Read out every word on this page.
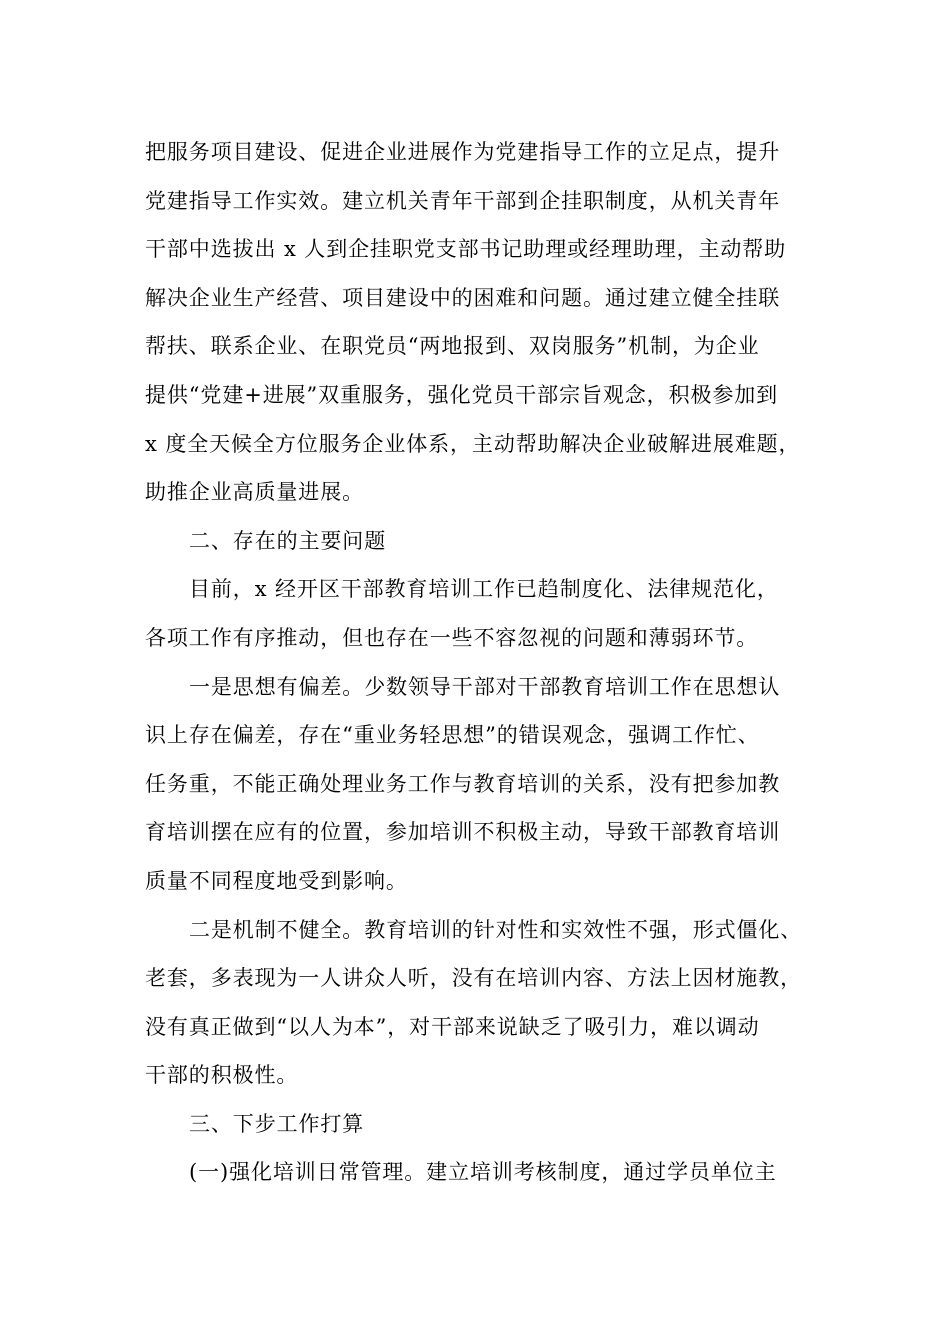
把服务项目建设、促进企业进展作为党建指导工作的立足点，提升
党建指导工作实效。建立机关青年干部到企挂职制度，从机关青年
干部中选拔出 x 人到企挂职党支部书记助理或经理助理，主动帮助
解决企业生产经营、项目建设中的困难和问题。通过建立健全挂联
帮扶、联系企业、在职党员“两地报到、双岗服务”机制，为企业
提供“党建+进展”双重服务，强化党员干部宗旨观念，积极参加到
x 度全天候全方位服务企业体系，主动帮助解决企业破解进展难题，
助推企业高质量进展。
二、存在的主要问题
目前，x 经开区干部教育培训工作已趋制度化、法律规范化，
各项工作有序推动，但也存在一些不容忽视的问题和薄弱环节。
一是思想有偏差。少数领导干部对干部教育培训工作在思想认
识上存在偏差，存在“重业务轻思想”的错误观念，强调工作忙、
任务重，不能正确处理业务工作与教育培训的关系，没有把参加教
育培训摆在应有的位置，参加培训不积极主动，导致干部教育培训
质量不同程度地受到影响。
二是机制不健全。教育培训的针对性和实效性不强，形式僵化、
老套，多表现为一人讲众人听，没有在培训内容、方法上因材施教，
没有真正做到“以人为本”，对干部来说缺乏了吸引力，难以调动
干部的积极性。
三、下步工作打算
(一)强化培训日常管理。建立培训考核制度，通过学员单位主
